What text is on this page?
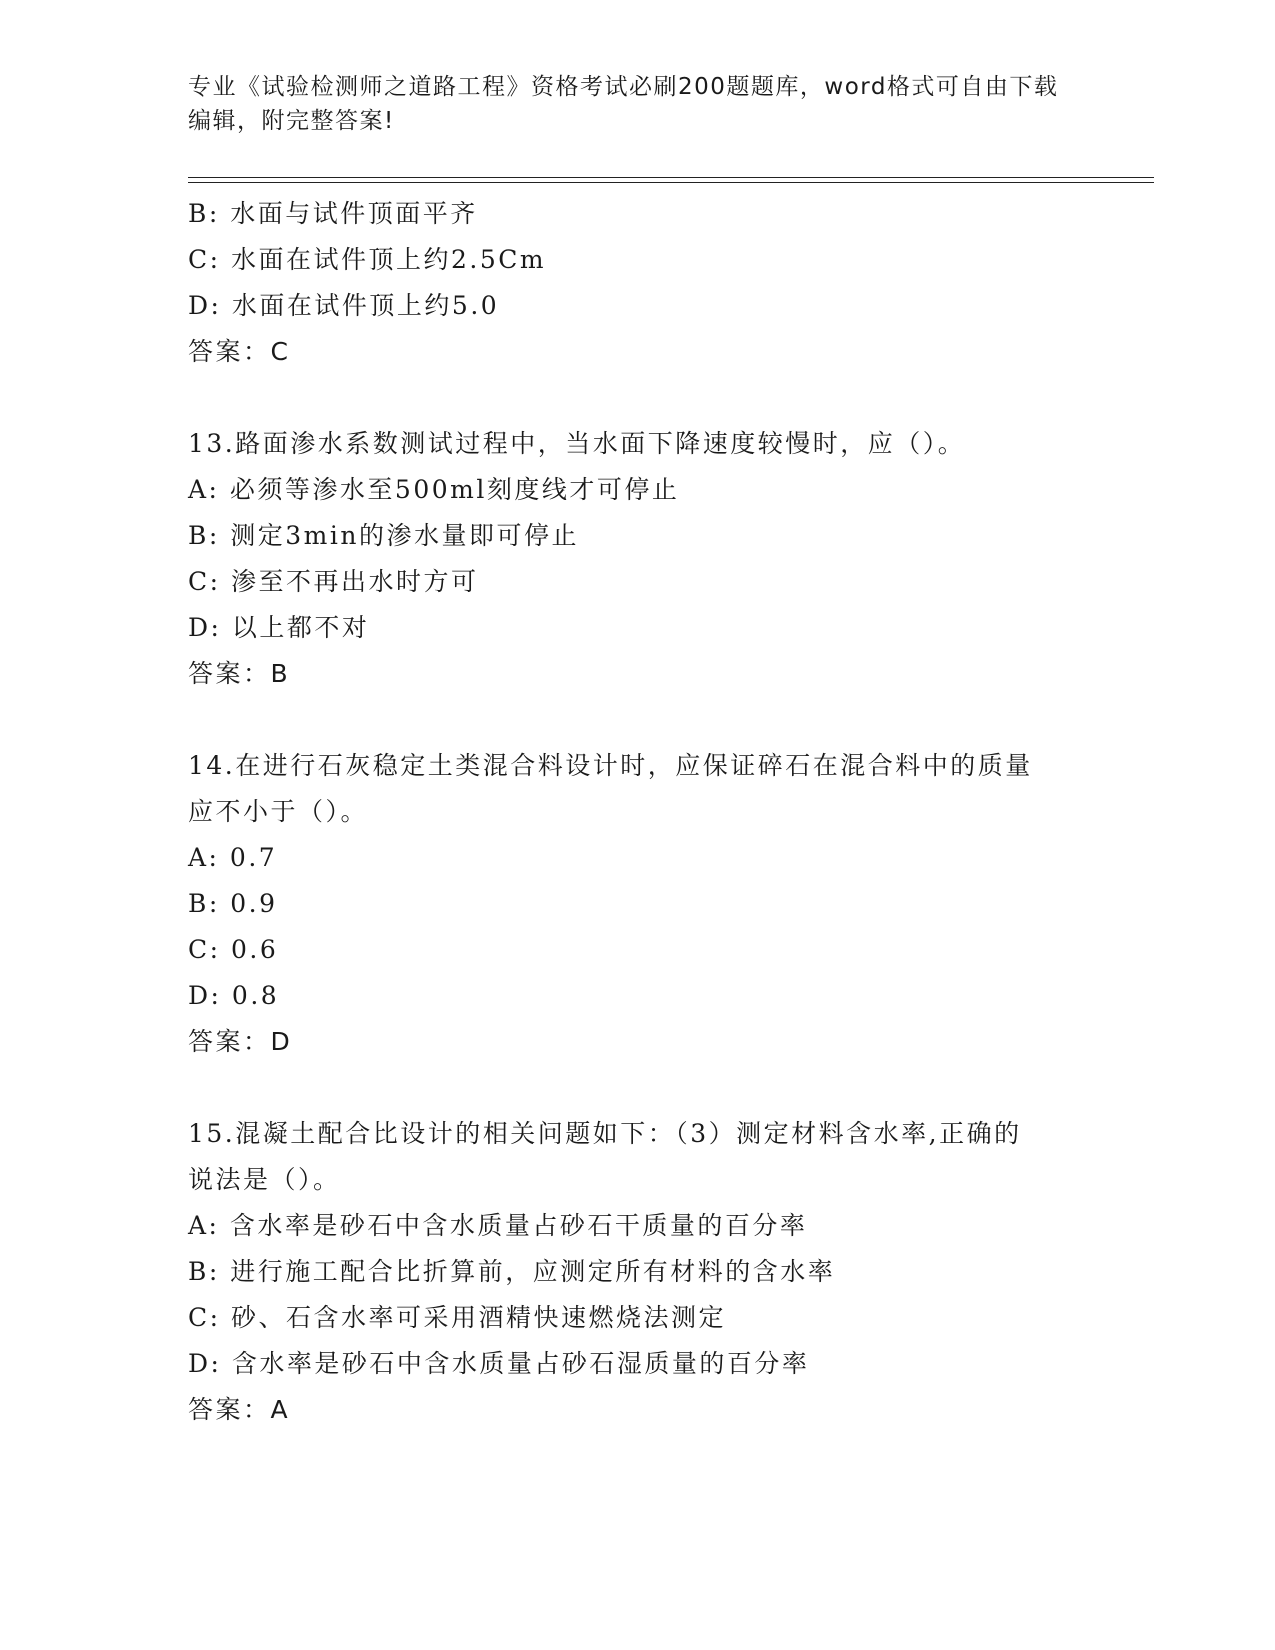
专业《试验检测师之道路工程》资格考试必刷200题题库，word格式可自由下载
编辑，附完整答案!
B: 水面与试件顶面平齐
C: 水面在试件顶上约2.5Cm
D: 水面在试件顶上约5.0
答案：C
13.路面渗水系数测试过程中，当水面下降速度较慢时，应（）。
A: 必须等渗水至500ml刻度线才可停止
B: 测定3min的渗水量即可停止
C: 渗至不再出水时方可
D: 以上都不对
答案：B
14.在进行石灰稳定土类混合料设计时，应保证碎石在混合料中的质量
应不小于（）。
A: 0.7
B: 0.9
C: 0.6
D: 0.8
答案：D
15.混凝土配合比设计的相关问题如下：（3）测定材料含水率,正确的
说法是（）。
A: 含水率是砂石中含水质量占砂石干质量的百分率
B: 进行施工配合比折算前，应测定所有材料的含水率
C: 砂、石含水率可采用酒精快速燃烧法测定
D: 含水率是砂石中含水质量占砂石湿质量的百分率
答案：A
